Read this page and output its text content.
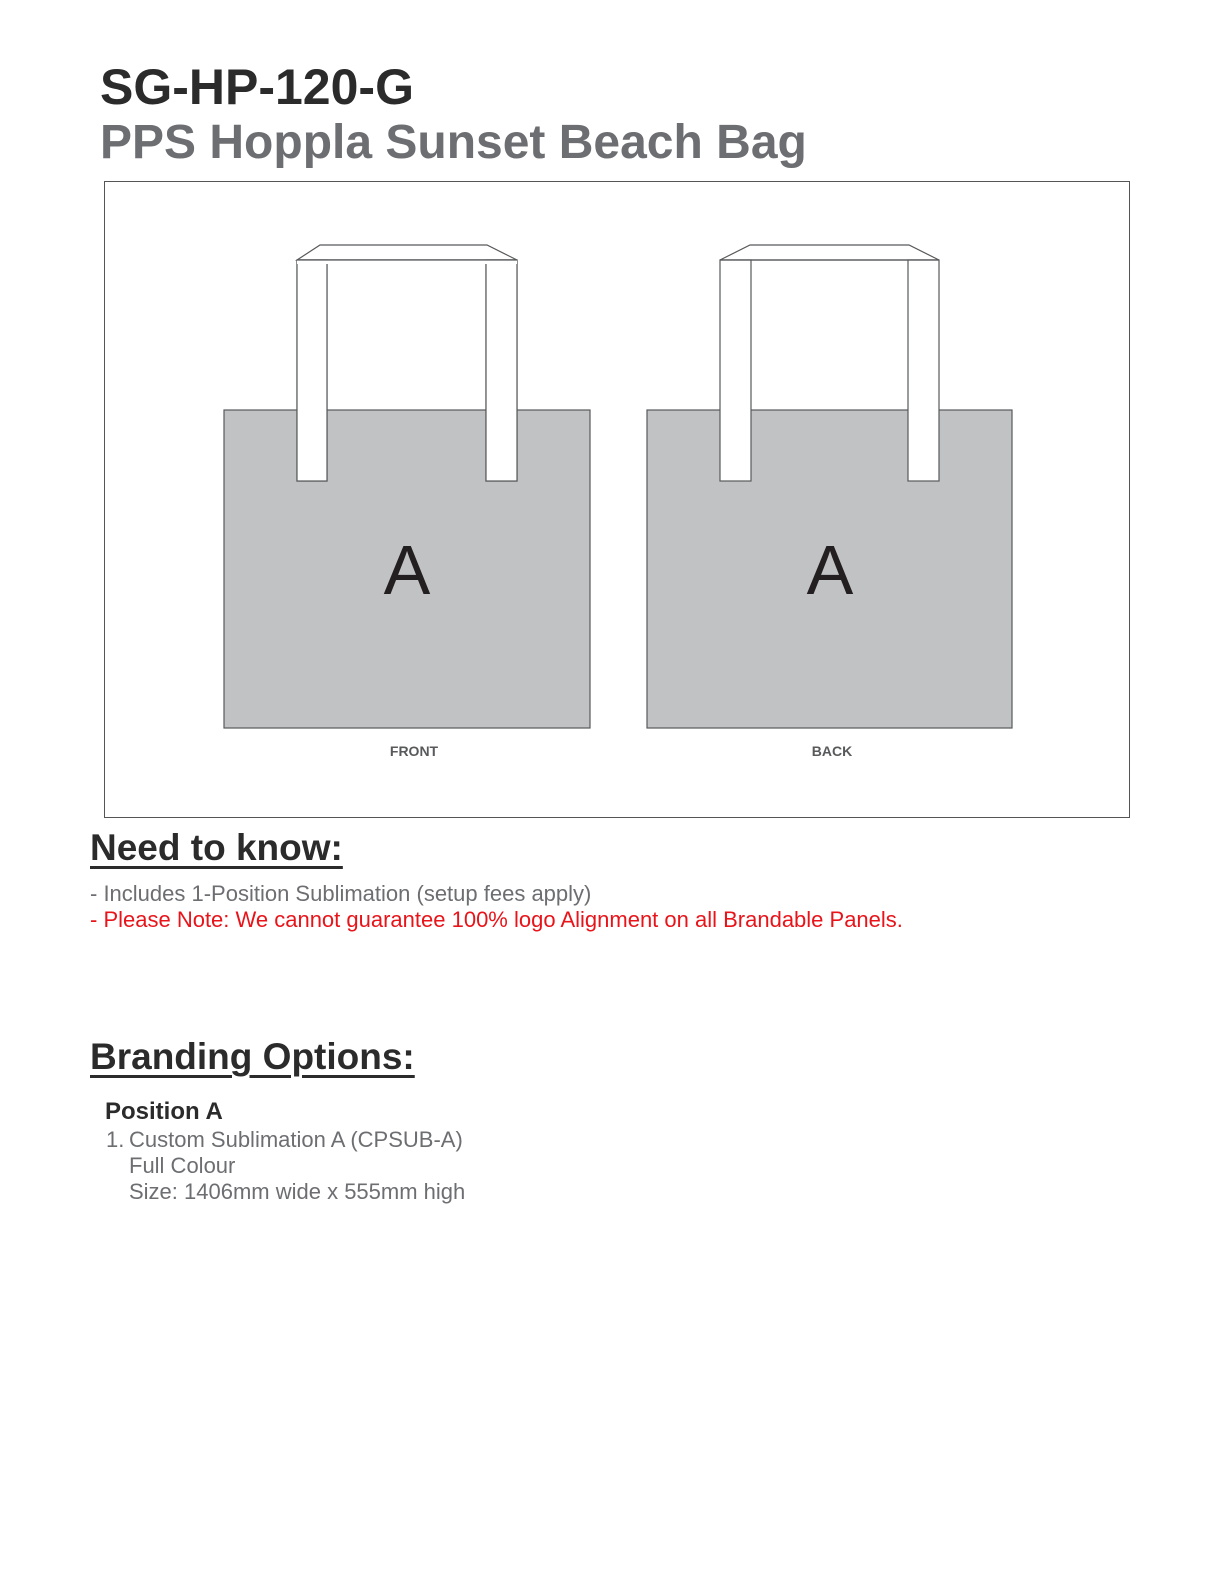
SG-HP-120-G
PPS Hoppla Sunset Beach Bag
A
FRONT
A
BACK
Need to know:

- Includes 1-Position Sublimation (setup fees apply)

- Please Note: We cannot guarantee 100% logo Alignment on all Brandable Panels.

Branding Options:

Position A

1. Custom Sublimation A (CPSUB-A)
Full Colour
Size: 1406mm wide x 555mm high
